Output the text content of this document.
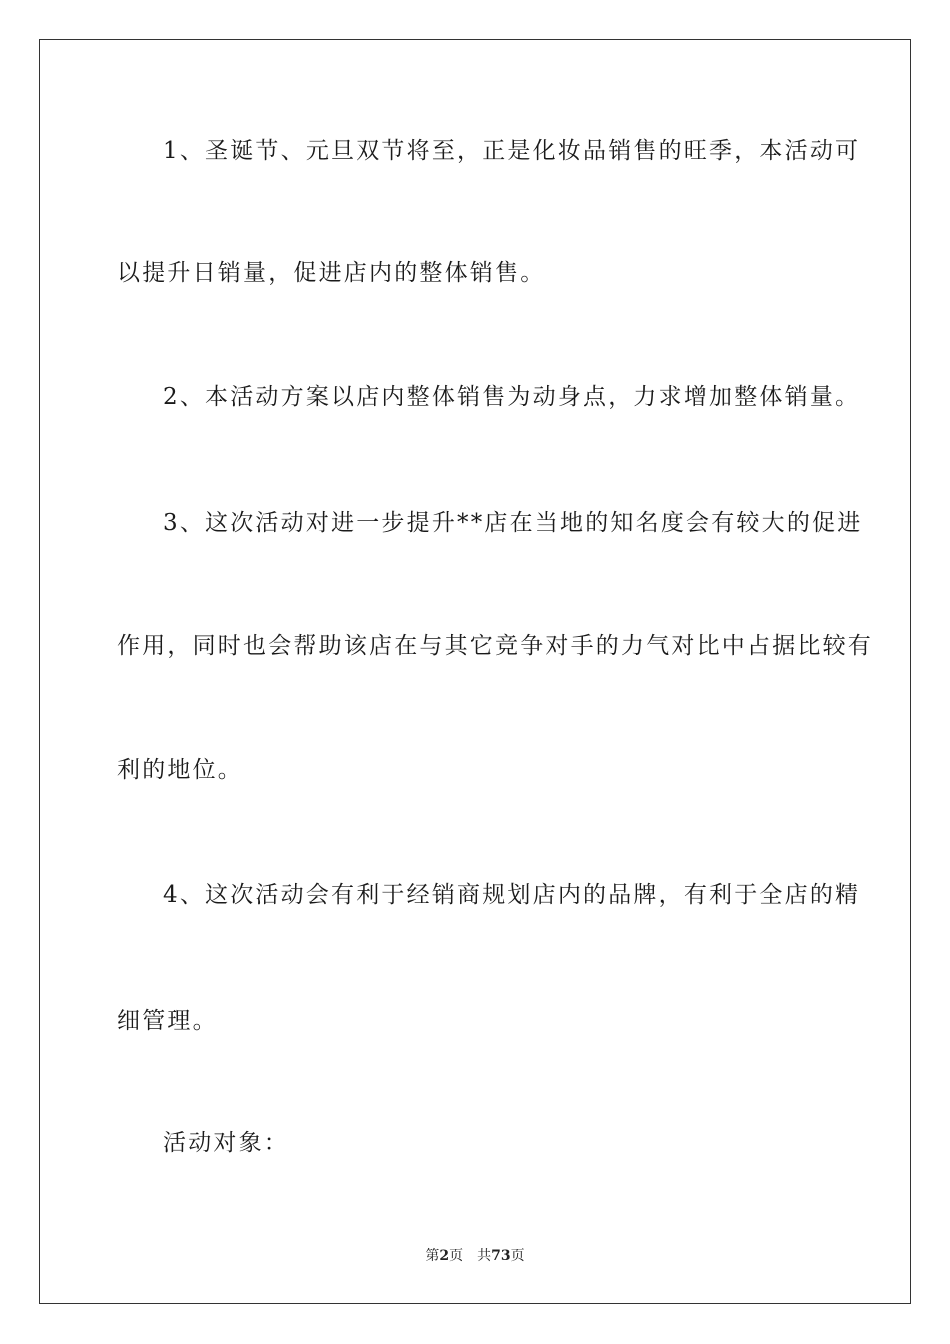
1、圣诞节、元旦双节将至，正是化妆品销售的旺季，本活动可
以提升日销量，促进店内的整体销售。
2、本活动方案以店内整体销售为动身点，力求增加整体销量。
3、这次活动对进一步提升**店在当地的知名度会有较大的促进
作用，同时也会帮助该店在与其它竞争对手的力气对比中占据比较有
利的地位。
4、这次活动会有利于经销商规划店内的品牌，有利于全店的精
细管理。
活动对象：
第2页 共73页
